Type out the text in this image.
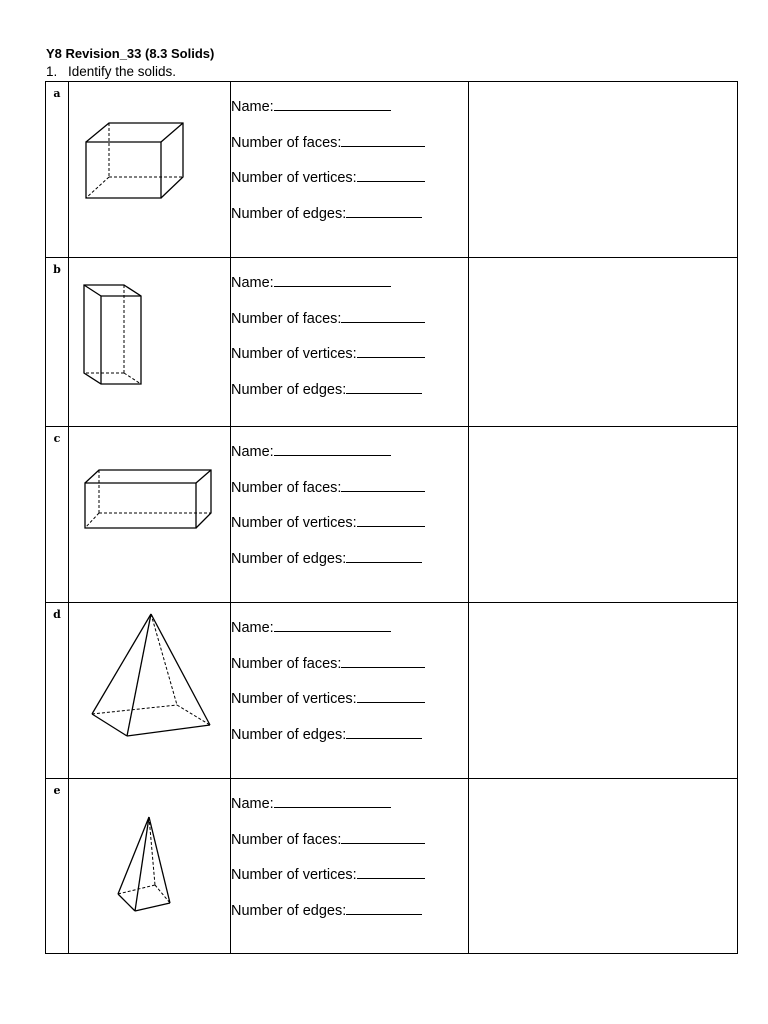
Y8 Revision_33 (8.3 Solids)
1. Identify the solids.
a		Name:
Number of faces:
Number of vertices:
Number of edges:	

b		Name:
Number of faces:
Number of vertices:
Number of edges:	

c		Name:
Number of faces:
Number of vertices:
Number of edges:	

d		Name:
Number of faces:
Number of vertices:
Number of edges:	

e		Name:
Number of faces:
Number of vertices:
Number of edges:	
